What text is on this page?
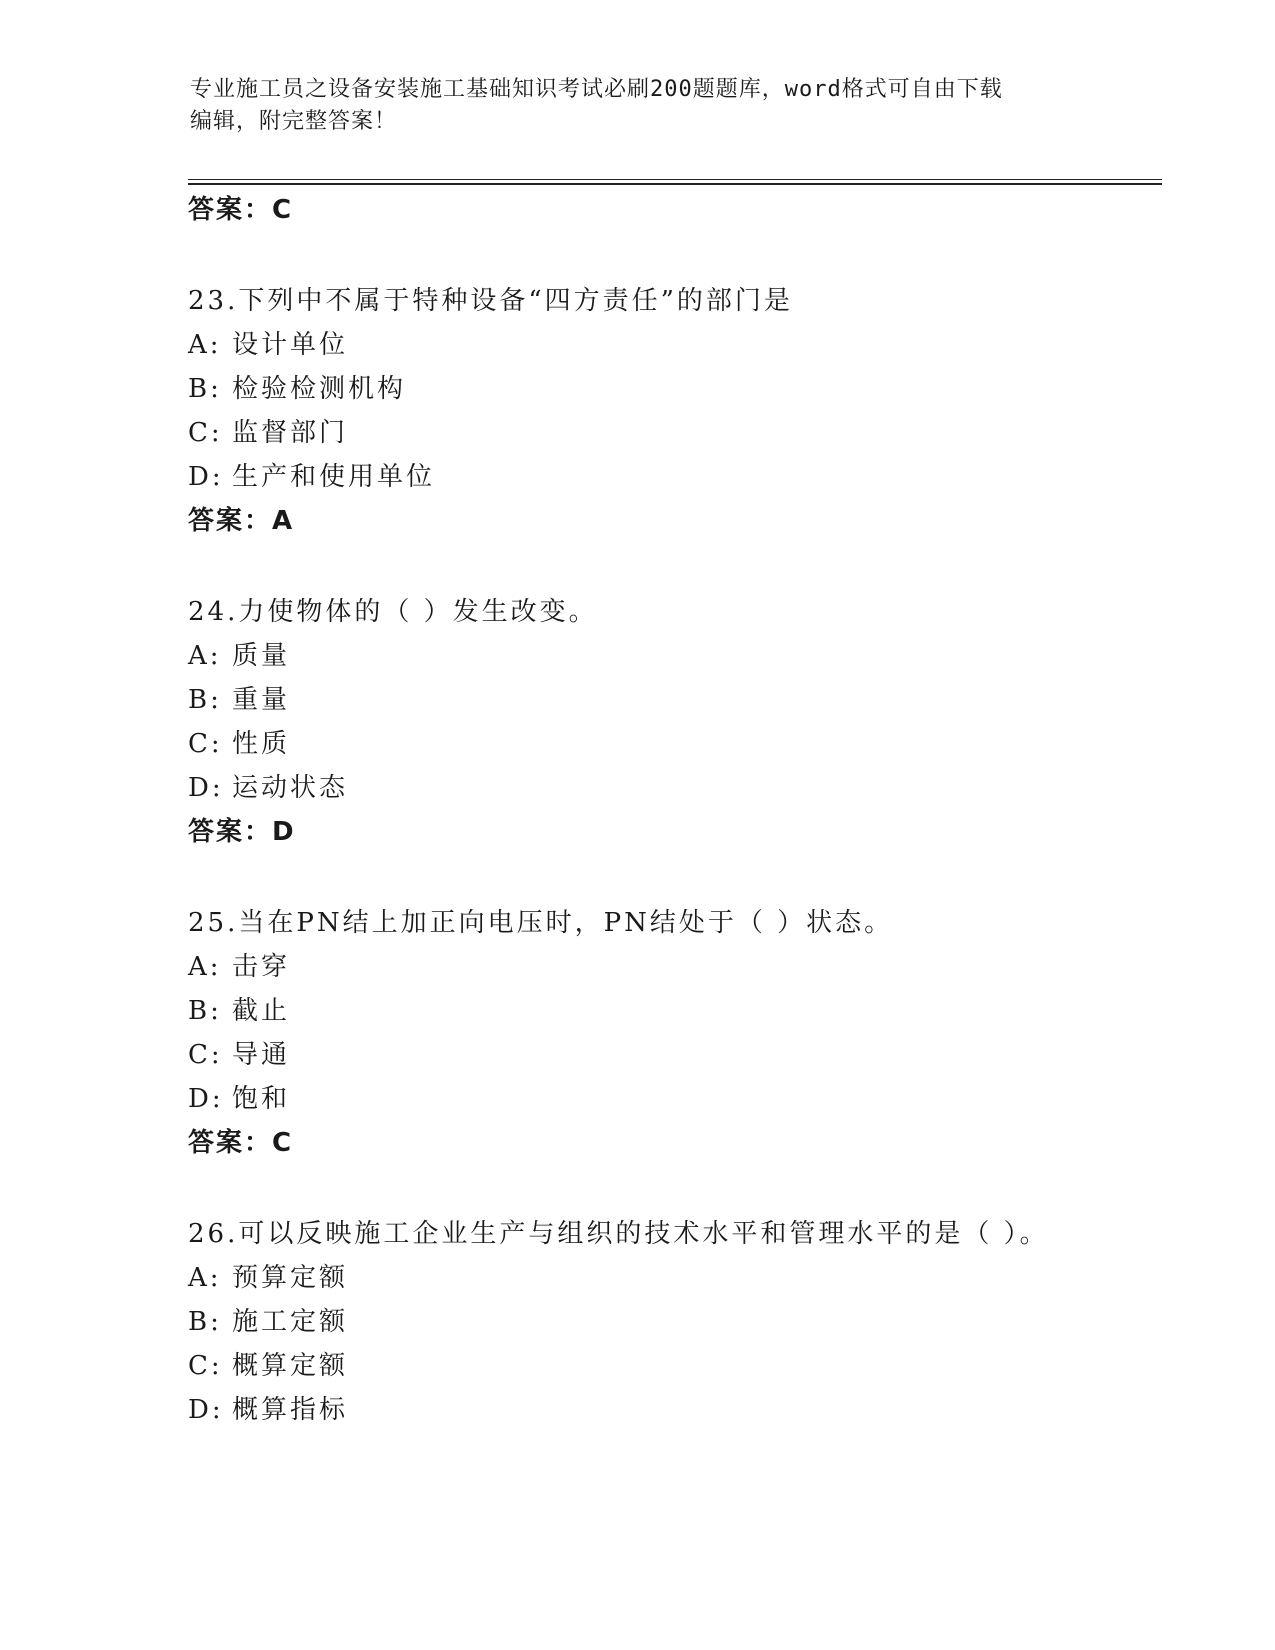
专业施工员之设备安装施工基础知识考试必刷200题题库，word格式可自由下载
编辑，附完整答案！
答案：C
23.下列中不属于特种设备“四方责任”的部门是
A: 设计单位
B: 检验检测机构
C: 监督部门
D: 生产和使用单位
答案：A
24.力使物体的（ ）发生改变。
A: 质量
B: 重量
C: 性质
D: 运动状态
答案：D
25.当在PN结上加正向电压时，PN结处于（ ）状态。
A: 击穿
B: 截止
C: 导通
D: 饱和
答案：C
26.可以反映施工企业生产与组织的技术水平和管理水平的是（ ）。
A: 预算定额
B: 施工定额
C: 概算定额
D: 概算指标
